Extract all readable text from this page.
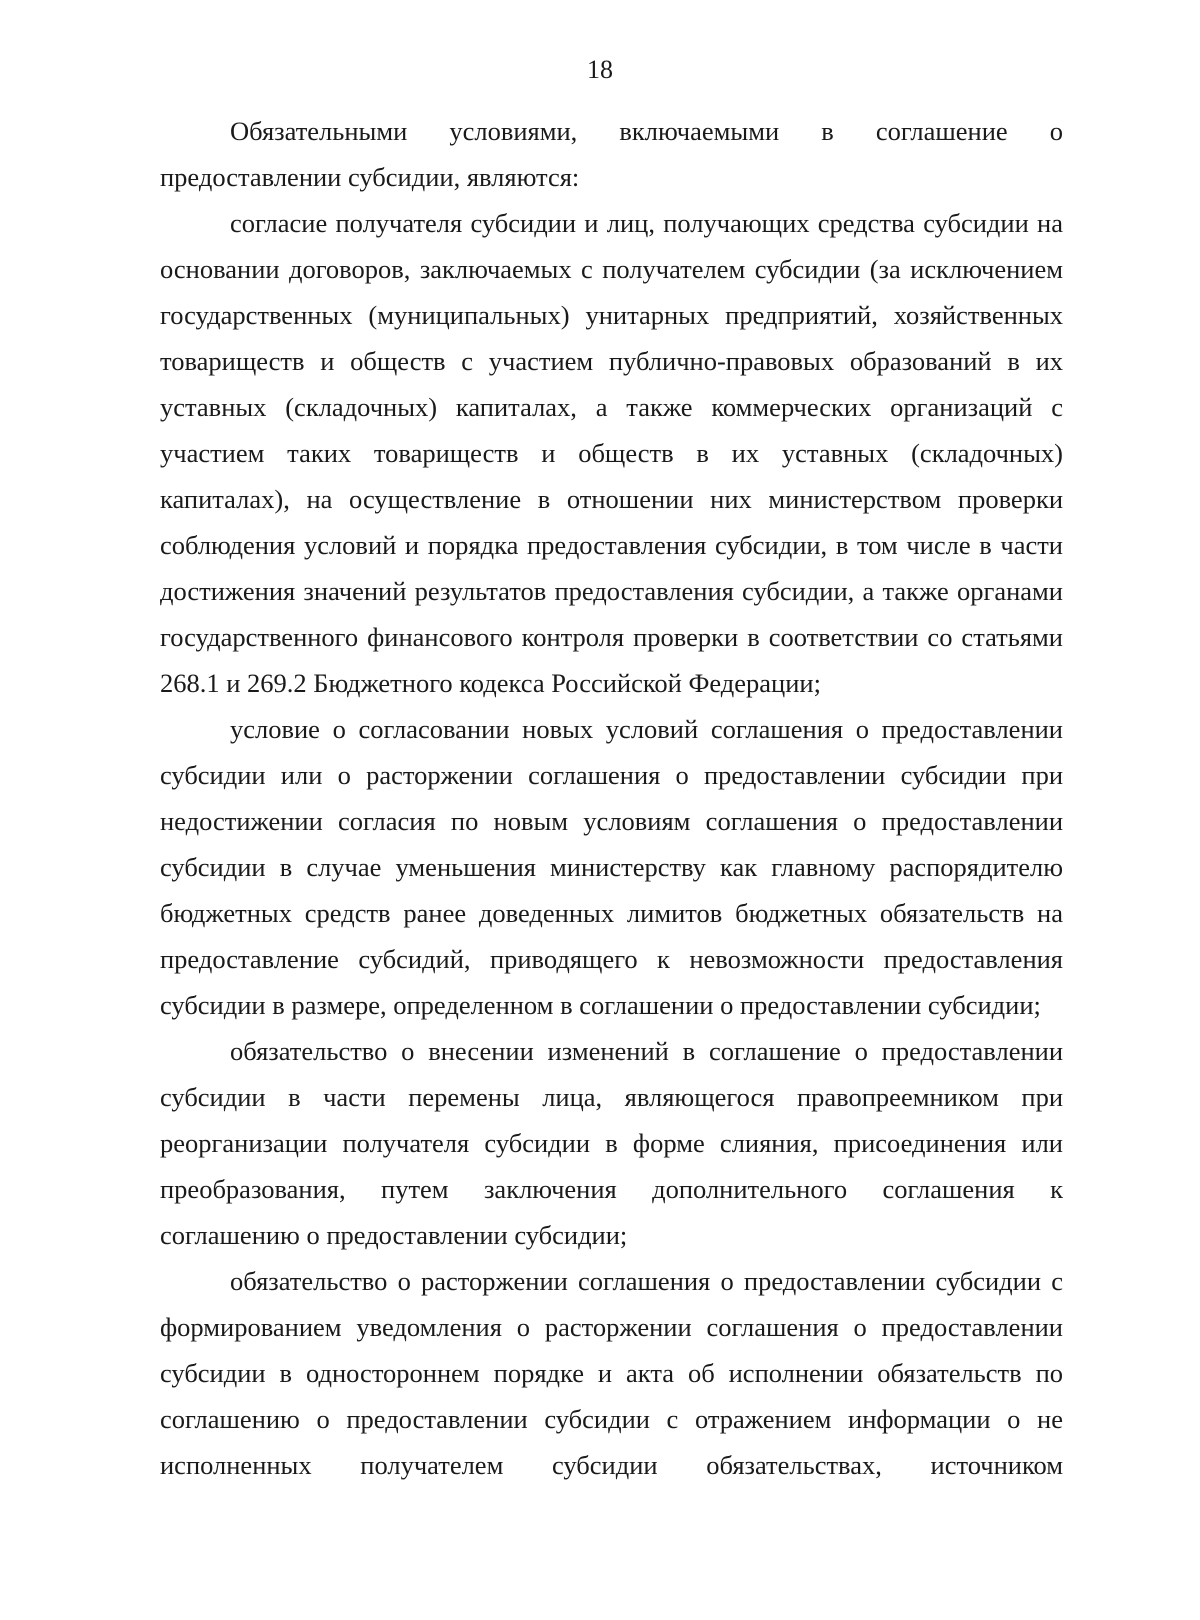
18

Обязательными условиями, включаемыми в соглашение о предоставлении субсидии, являются:

согласие получателя субсидии и лиц, получающих средства субсидии на основании договоров, заключаемых с получателем субсидии (за исключением государственных (муниципальных) унитарных предприятий, хозяйственных товариществ и обществ с участием публично-правовых образований в их уставных (складочных) капиталах, а также коммерческих организаций с участием таких товариществ и обществ в их уставных (складочных) капиталах), на осуществление в отношении них министерством проверки соблюдения условий и порядка предоставления субсидии, в том числе в части достижения значений результатов предоставления субсидии, а также органами государственного финансового контроля проверки в соответствии со статьями 268.1 и 269.2 Бюджетного кодекса Российской Федерации;

условие о согласовании новых условий соглашения о предоставлении субсидии или о расторжении соглашения о предоставлении субсидии при недостижении согласия по новым условиям соглашения о предоставлении субсидии в случае уменьшения министерству как главному распорядителю бюджетных средств ранее доведенных лимитов бюджетных обязательств на предоставление субсидий, приводящего к невозможности предоставления субсидии в размере, определенном в соглашении о предоставлении субсидии;

обязательство о внесении изменений в соглашение о предоставлении субсидии в части перемены лица, являющегося правопреемником при реорганизации получателя субсидии в форме слияния, присоединения или преобразования, путем заключения дополнительного соглашения к соглашению о предоставлении субсидии;

обязательство о расторжении соглашения о предоставлении субсидии с формированием уведомления о расторжении соглашения о предоставлении субсидии в одностороннем порядке и акта об исполнении обязательств по соглашению о предоставлении субсидии с отражением информации о не исполненных получателем субсидии обязательствах, источником
